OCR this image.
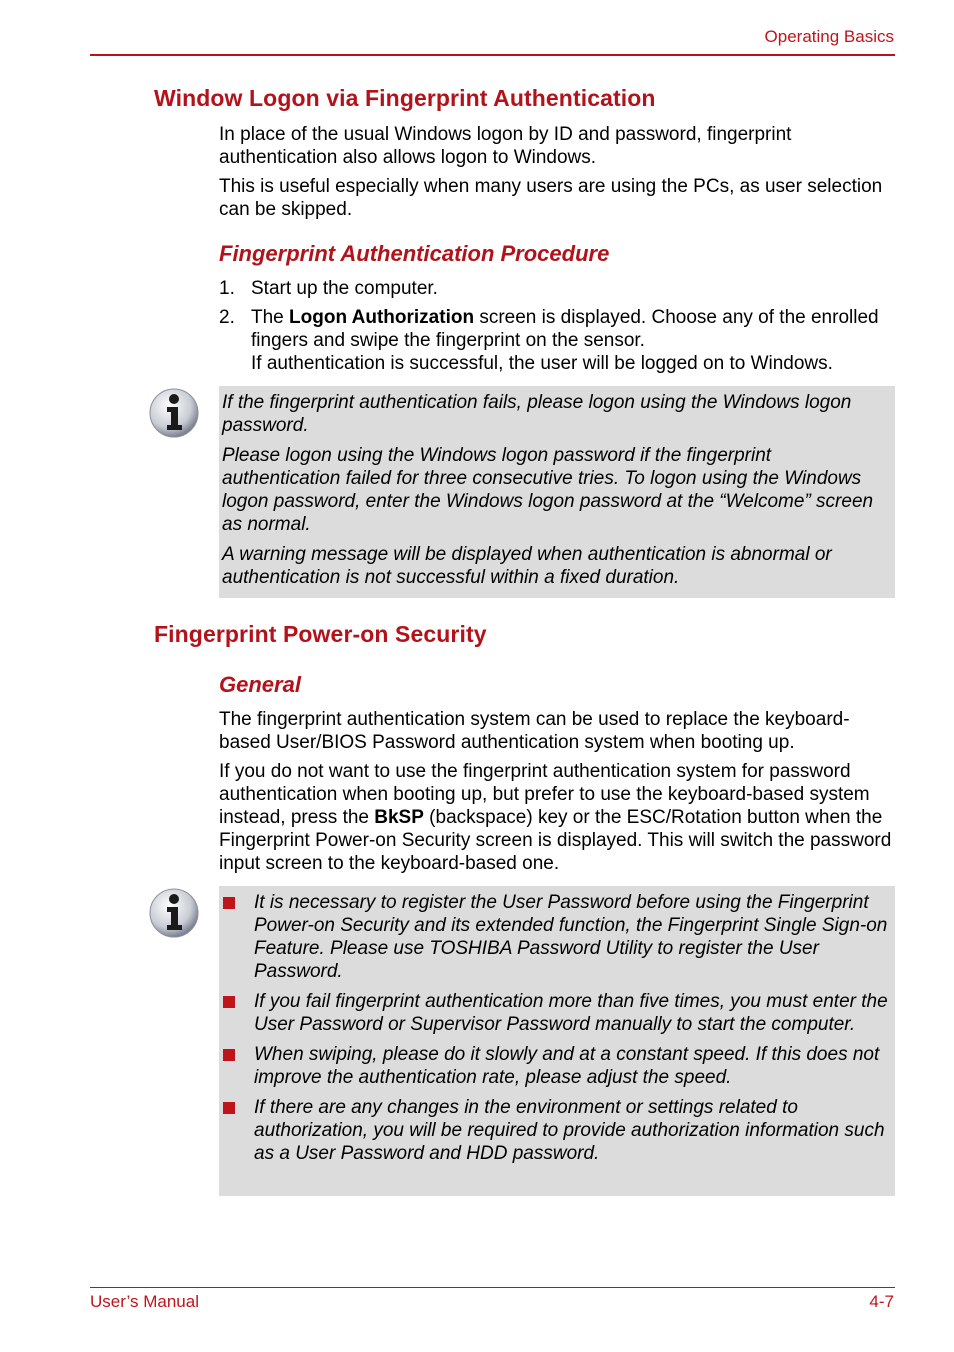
Operating Basics
Window Logon via Fingerprint Authentication

In place of the usual Windows logon by ID and password, fingerprint authentication also allows logon to Windows.

This is useful especially when many users are using the PCs, as user selection can be skipped.

Fingerprint Authentication Procedure
1. Start up the computer.
2. The Logon Authorization screen is displayed. Choose any of the enrolled fingers and swipe the fingerprint on the sensor.
If authentication is successful, the user will be logged on to Windows.

If the fingerprint authentication fails, please logon using the Windows logon password.

Please logon using the Windows logon password if the fingerprint authentication failed for three consecutive tries. To logon using the Windows logon password, enter the Windows logon password at the “Welcome” screen as normal.

A warning message will be displayed when authentication is abnormal or authentication is not successful within a fixed duration.

Fingerprint Power-on Security
General

The fingerprint authentication system can be used to replace the keyboard-based User/BIOS Password authentication system when booting up.

If you do not want to use the fingerprint authentication system for password authentication when booting up, but prefer to use the keyboard-based system instead, press the BkSP (backspace) key or the ESC/Rotation button when the Fingerprint Power-on Security screen is displayed. This will switch the password input screen to the keyboard-based one.

It is necessary to register the User Password before using the Fingerprint Power-on Security and its extended function, the Fingerprint Single Sign-on Feature. Please use TOSHIBA Password Utility to register the User Password.
If you fail fingerprint authentication more than five times, you must enter the User Password or Supervisor Password manually to start the computer.
When swiping, please do it slowly and at a constant speed. If this does not improve the authentication rate, please adjust the speed.
If there are any changes in the environment or settings related to authorization, you will be required to provide authorization information such as a User Password and HDD password.
User’s Manual	4-7
